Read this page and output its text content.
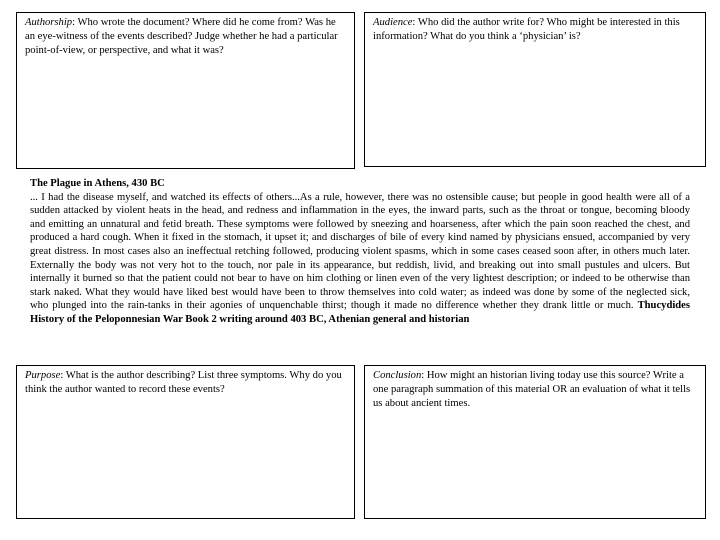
Authorship: Who wrote the document? Where did he come from? Was he an eye-witness of the events described? Judge whether he had a particular point-of-view, or perspective, and what it was?
Audience: Who did the author write for? Who might be interested in this information? What do you think a ‘physician’ is?

The Plague in Athens, 430 BC

... I had the disease myself, and watched its effects of others...As a rule, however, there was no ostensible cause; but people in good health were all of a sudden attacked by violent heats in the head, and redness and inflammation in the eyes, the inward parts, such as the throat or tongue, becoming bloody and emitting an unnatural and fetid breath. These symptoms were followed by sneezing and hoarseness, after which the pain soon reached the chest, and produced a hard cough. When it fixed in the stomach, it upset it; and discharges of bile of every kind named by physicians ensued, accompanied by very great distress. In most cases also an ineffectual retching followed, producing violent spasms, which in some cases ceased soon after, in others much later. Externally the body was not very hot to the touch, nor pale in its appearance, but reddish, livid, and breaking out into small pustules and ulcers. But internally it burned so that the patient could not bear to have on him clothing or linen even of the very lightest description; or indeed to be otherwise than stark naked. What they would have liked best would have been to throw themselves into cold water; as indeed was done by some of the neglected sick, who plunged into the rain-tanks in their agonies of unquenchable thirst; though it made no difference whether they drank little or much. Thucydides History of the Peloponnesian War Book 2 writing around 403 BC, Athenian general and historian

Purpose: What is the author describing? List three symptoms. Why do you think the author wanted to record these events?
Conclusion: How might an historian living today use this source? Write a one paragraph summation of this material OR an evaluation of what it tells us about ancient times.
